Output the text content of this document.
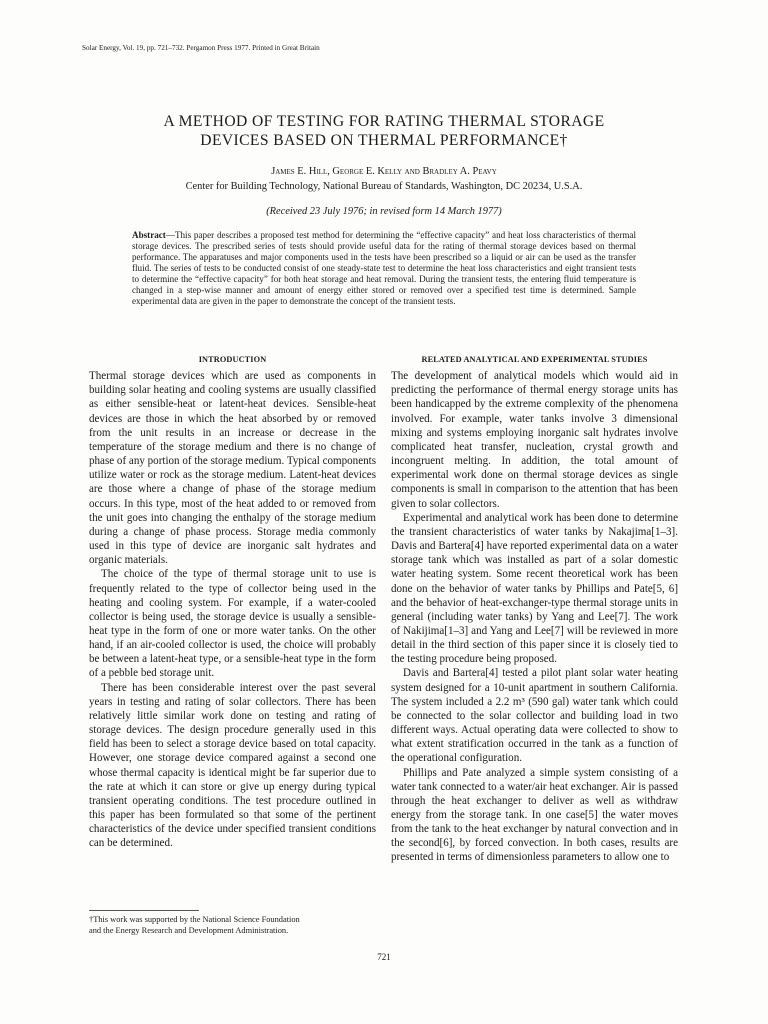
Solar Energy, Vol. 19, pp. 721–732. Pergamon Press 1977. Printed in Great Britain
A METHOD OF TESTING FOR RATING THERMAL STORAGE
DEVICES BASED ON THERMAL PERFORMANCE†
James E. Hill, George E. Kelly and Bradley A. Peavy
Center for Building Technology, National Bureau of Standards, Washington, DC 20234, U.S.A.
(Received 23 July 1976; in revised form 14 March 1977)
Abstract—This paper describes a proposed test method for determining the “effective capacity” and heat loss characteristics of thermal storage devices. The prescribed series of tests should provide useful data for the rating of thermal storage devices based on thermal performance. The apparatuses and major components used in the tests have been prescribed so a liquid or air can be used as the transfer fluid. The series of tests to be conducted consist of one steady-state test to determine the heat loss characteristics and eight transient tests to determine the “effective capacity” for both heat storage and heat removal. During the transient tests, the entering fluid temperature is changed in a step-wise manner and amount of energy either stored or removed over a specified test time is determined. Sample experimental data are given in the paper to demonstrate the concept of the transient tests.
INTRODUCTION

Thermal storage devices which are used as components in building solar heating and cooling systems are usually classified as either sensible-heat or latent-heat devices. Sensible-heat devices are those in which the heat absorbed by or removed from the unit results in an increase or decrease in the temperature of the storage medium and there is no change of phase of any portion of the storage medium. Typical components utilize water or rock as the storage medium. Latent-heat devices are those where a change of phase of the storage medium occurs. In this type, most of the heat added to or removed from the unit goes into changing the enthalpy of the storage medium during a change of phase process. Storage media commonly used in this type of device are inorganic salt hydrates and organic materials.

The choice of the type of thermal storage unit to use is frequently related to the type of collector being used in the heating and cooling system. For example, if a water-cooled collector is being used, the storage device is usually a sensible-heat type in the form of one or more water tanks. On the other hand, if an air-cooled collector is used, the choice will probably be between a latent-heat type, or a sensible-heat type in the form of a pebble bed storage unit.

There has been considerable interest over the past several years in testing and rating of solar collectors. There has been relatively little similar work done on testing and rating of storage devices. The design procedure generally used in this field has been to select a storage device based on total capacity. However, one storage device compared against a second one whose thermal capacity is identical might be far superior due to the rate at which it can store or give up energy during typical transient operating conditions. The test procedure outlined in this paper has been formulated so that some of the pertinent characteristics of the device under specified transient conditions can be determined.

RELATED ANALYTICAL AND EXPERIMENTAL STUDIES

The development of analytical models which would aid in predicting the performance of thermal energy storage units has been handicapped by the extreme complexity of the phenomena involved. For example, water tanks involve 3 dimensional mixing and systems employing inorganic salt hydrates involve complicated heat transfer, nucleation, crystal growth and incongruent melting. In addition, the total amount of experimental work done on thermal storage devices as single components is small in comparison to the attention that has been given to solar collectors.

Experimental and analytical work has been done to determine the transient characteristics of water tanks by Nakajima[1–3]. Davis and Bartera[4] have reported experimental data on a water storage tank which was installed as part of a solar domestic water heating system. Some recent theoretical work has been done on the behavior of water tanks by Phillips and Pate[5, 6] and the behavior of heat-exchanger-type thermal storage units in general (including water tanks) by Yang and Lee[7]. The work of Nakijima[1–3] and Yang and Lee[7] will be reviewed in more detail in the third section of this paper since it is closely tied to the testing procedure being proposed.

Davis and Bartera[4] tested a pilot plant solar water heating system designed for a 10-unit apartment in southern California. The system included a 2.2 m³ (590 gal) water tank which could be connected to the solar collector and building load in two different ways. Actual operating data were collected to show to what extent stratification occurred in the tank as a function of the operational configuration.

Phillips and Pate analyzed a simple system consisting of a water tank connected to a water/air heat exchanger. Air is passed through the heat exchanger to deliver as well as withdraw energy from the storage tank. In one case[5] the water moves from the tank to the heat exchanger by natural convection and in the second[6], by forced convection. In both cases, results are presented in terms of dimensionless parameters to allow one to

†This work was supported by the National Science Foundation
and the Energy Research and Development Administration.
721
